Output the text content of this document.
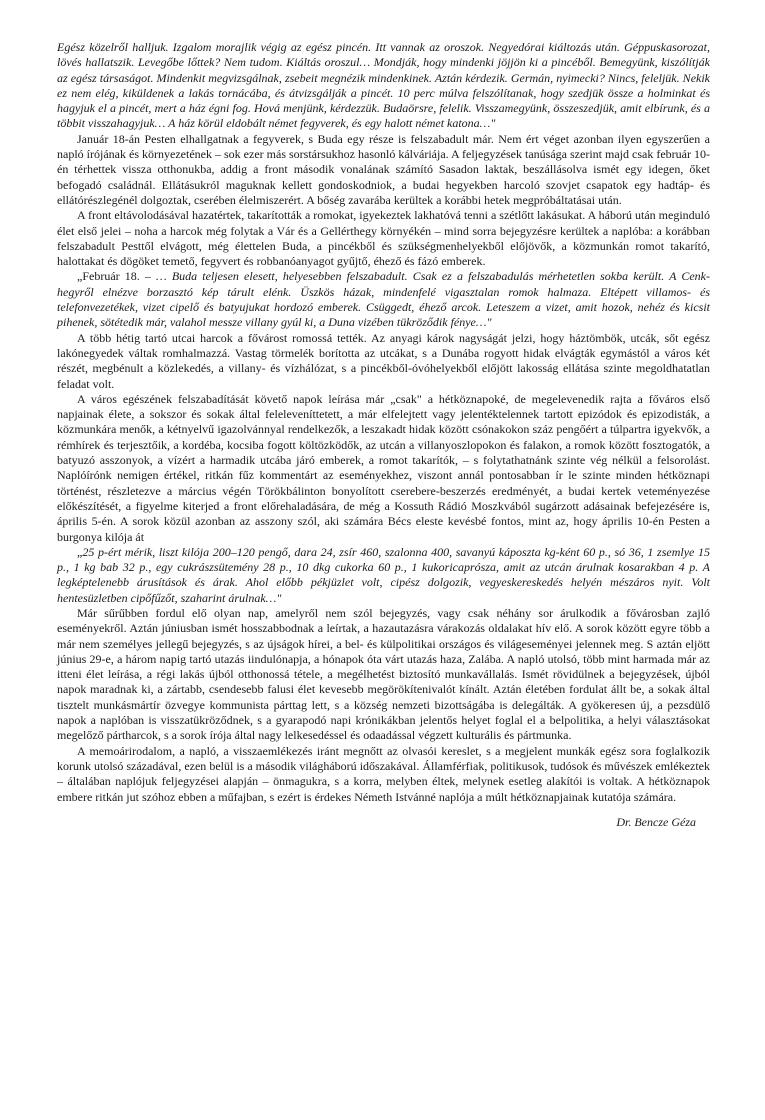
Egész közelről halljuk. Izgalom morajlik végig az egész pincén. Itt vannak az oroszok. Negyedórai kiáltozás után. Géppuskasorozat, lövés hallatszik. Levegőbe lőttek? Nem tudom. Kiáltás oroszul… Mondják, hogy mindenki jöjjön ki a pincéből. Bemegyünk, kiszólítják az egész társaságot. Mindenkit megvizsgálnak, zsebeit megnézik mindenkinek. Aztán kérdezik. Germán, nyimecki? Nincs, feleljük. Nekik ez nem elég, kiküldenek a lakás tornácába, és átvizsgálják a pincét. 10 perc múlva felszólítanak, hogy szedjük össze a holminkat és hagyjuk el a pincét, mert a ház égni fog. Hová menjünk, kérdezzük. Budaörsre, felelik. Visszamegyünk, összeszedjük, amit elbírunk, és a többit visszahagyjuk… A ház körül eldobált német fegyverek, és egy halott német katona…"

Január 18-án Pesten elhallgatnak a fegyverek, s Buda egy része is felszabadult már. Nem ért véget azonban ilyen egyszerűen a napló írójának és környezetének – sok ezer más sorstársukhoz hasonló kálváriája. A feljegyzések tanúsága szerint majd csak február 10-én térhettek vissza otthonukba, addig a front második vonalának számító Sasadon laktak, beszállásolva ismét egy idegen, őket befogadó családnál. Ellátásukról maguknak kellett gondoskodniok, a budai hegyekben harcoló szovjet csapatok egy hadtáp- és ellátórészlegénél dolgoztak, cserében élelmiszerért. A bőség zavarába kerültek a korábbi hetek megpróbáltatásai után.

A front eltávolodásával hazatértek, takarították a romokat, igyekeztek lakhatóvá tenni a szétlőtt lakásukat. A háború után meginduló élet első jelei – noha a harcok még folytak a Vár és a Gellérthegy környékén – mind sorra bejegyzésre kerültek a naplóba: a korábban felszabadult Pesttől elvágott, még élettelen Buda, a pincékből és szükségmenhelyekből előjövők, a közmunkán romot takarító, halottakat és dögöket temető, fegyvert és robbanóanyagot gyűjtő, éhező és fázó emberek.

„Február 18. – … Buda teljesen elesett, helyesebben felszabadult. Csak ez a felszabadulás mérhetetlen sokba került. A Cenk-hegyről elnézve borzasztó kép tárult elénk. Üszkös házak, mindenfelé vigasztalan romok halmaza. Eltépett villamos- és telefonvezetékek, vizet cipelő és batyujukat hordozó emberek. Csüggedt, éhező arcok. Leteszem a vizet, amit hozok, nehéz és kicsit pihenek, sötétedik már, valahol messze villany gyúl ki, a Duna vizében tükröződik fénye…"

A több hétig tartó utcai harcok a fővárost romossá tették. Az anyagi károk nagyságát jelzi, hogy háztömbök, utcák, sőt egész lakónegyedek váltak romhalmazzá. Vastag törmelék borította az utcákat, s a Dunába rogyott hidak elvágták egymástól a város két részét, megbénult a közlekedés, a villany- és vízhálózat, s a pincékből-óvóhelyekből előjött lakosság ellátása szinte megoldhatatlan feladat volt.

A város egészének felszabadítását követő napok leírása már „csak" a hétköznapoké, de megelevenedik rajta a főváros első napjainak élete, a sokszor és sokak által feleleveníttetett, a már elfelejtett vagy jelentéktelennek tartott epizódok és epizodisták, a közmunkára menők, a kétnyelvű igazolvánnyal rendelkezők, a leszakadt hidak között csónakokon száz pengőért a túlpartra igyekvők, a rémhírek és terjesztőik, a kordéba, kocsiba fogott költözködők, az utcán a villanyoszlopokon és falakon, a romok között fosztogatók, a batyuzó asszonyok, a vízért a harmadik utcába járó emberek, a romot takarítók, – s folytathatnánk szinte vég nélkül a felsorolást. Naplóírónk nemigen értékel, ritkán fűz kommentárt az eseményekhez, viszont annál pontosabban ír le szinte minden hétköznapi történést, részletezve a március végén Törökbálinton bonyolított cserebere-beszerzés eredményét, a budai kertek veteményezése előkészítését, a figyelme kiterjed a front előrehaladására, de még a Kossuth Rádió Moszkvából sugárzott adásainak befejezésére is, április 5-én. A sorok közül azonban az asszony szól, aki számára Bécs eleste kevésbé fontos, mint az, hogy április 10-én Pesten a burgonya kilója át

„25 p-ért mérik, liszt kilója 200–120 pengő, dara 24, zsír 460, szalonna 400, savanyú káposzta kg-ként 60 p., só 36, 1 zsemlye 15 p., 1 kg bab 32 p., egy cukrászsütemény 28 p., 10 dkg cukorka 60 p., 1 kukoricaprósza, amit az utcán árulnak kosarakban 4 p. A legképtelenebb árusítások és árak. Ahol előbb pékjüzlet volt, cipész dolgozik, vegyeskereskedés helyén mészáros nyit. Volt hentesüzletben cipőfűzőt, szaharint árulnak…"

Már sűrűbben fordul elő olyan nap, amelyről nem szól bejegyzés, vagy csak néhány sor árulkodik a fővárosban zajló eseményekről. Aztán júniusban ismét hosszabbodnak a leírtak, a hazautazásra várakozás oldalakat hív elő. A sorok között egyre több a már nem személyes jellegű bejegyzés, s az újságok hírei, a bel- és külpolitikai országos és világeseményei jelennek meg. S aztán eljött június 29-e, a három napig tartó utazás iindulónapja, a hónapok óta várt utazás haza, Zalába. A napló utolsó, több mint harmada már az itteni élet leírása, a régi lakás újból otthonossá tétele, a megélhetést biztosító munkavállalás. Ismét rövidülnek a bejegyzések, újból napok maradnak ki, a zártabb, csendesebb falusi élet kevesebb megörökítenivalót kínált. Aztán életében fordulat állt be, a sokak által tisztelt munkásmártír özvegye kommunista párttag lett, s a község nemzeti bizottságába is delegálták. A gyökeresen új, a pezsdülő napok a naplóban is visszatükröződnek, s a gyarapodó napi krónikákban jelentős helyet foglal el a belpolitika, a helyi választásokat megelőző pártharcok, s a sorok írója által nagy lelkesedéssel és odaadással végzett kulturális és pártmunka.

A memoárirodalom, a napló, a visszaemlékezés iránt megnőtt az olvasói kereslet, s a megjelent munkák egész sora foglalkozik korunk utolsó századával, ezen belül is a második világháború időszakával. Államférfiak, politikusok, tudósok és művészek emlékeztek – általában naplójuk feljegyzései alapján – önmagukra, s a korra, melyben éltek, melynek esetleg alakítói is voltak. A hétköznapok embere ritkán jut szóhoz ebben a műfajban, s ezért is érdekes Németh Istvánné naplója a múlt hétköznapjainak kutatója számára.

Dr. Bencze Géza
